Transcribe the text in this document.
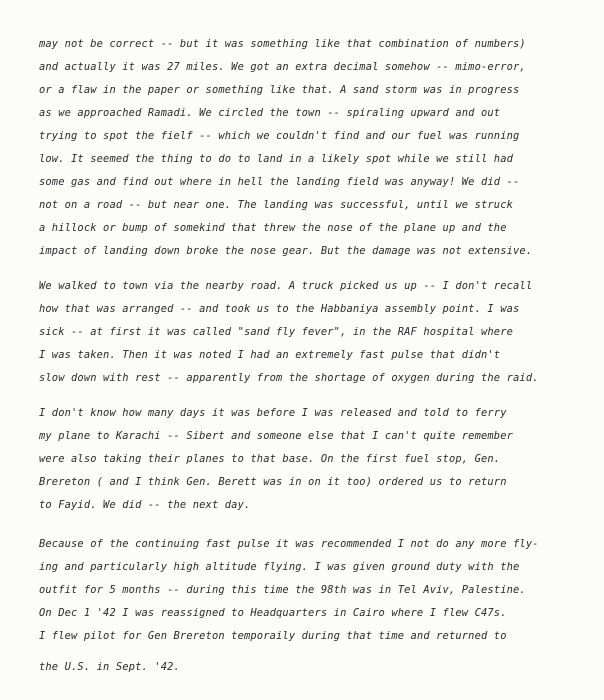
may not be correct -- but it was something like that combination of numbers)
and actually it was 27 miles. We got an extra decimal somehow -- mimo-error,
or a flaw in the paper or something like that. A sand storm was in progress
as we approached Ramadi. We circled the town -- spiraling upward and out
trying to spot the fielf -- which we couldn't find and our fuel was running
low. It seemed the thing to do to land in a likely spot while we still had
some gas and find out where in hell the landing field was anyway! We did --
not on a road -- but near one. The landing was successful, until we struck
a hillock or bump of somekind that threw the nose of the plane up and the
impact of landing down broke the nose gear. But the damage was not extensive.
We walked to town via the nearby road. A truck picked us up -- I don't recall
how that was arranged -- and took us to the Habbaniya assembly point. I was
sick -- at first it was called "sand fly fever", in the RAF hospital where
I was taken. Then it was noted I had an extremely fast pulse that didn't
slow down with rest -- apparently from the shortage of oxygen during the raid.
I don't know how many days it was before I was released and told to ferry
my plane to Karachi -- Sibert and someone else that I can't quite remember
were also taking their planes to that base. On the first fuel stop, Gen.
Brereton ( and I think Gen. Berett was in on it too) ordered us to return
to Fayid. We did -- the next day.
Because of the continuing fast pulse it was recommended I not do any more fly-
ing and particularly high altitude flying. I was given ground duty with the
outfit for 5 months -- during this time the 98th was in Tel Aviv, Palestine.
On Dec 1 '42 I was reassigned to Headquarters in Cairo where I flew C47s.
I flew pilot for Gen Brereton temporaily during that time and returned to
the U.S. in Sept. '42.
